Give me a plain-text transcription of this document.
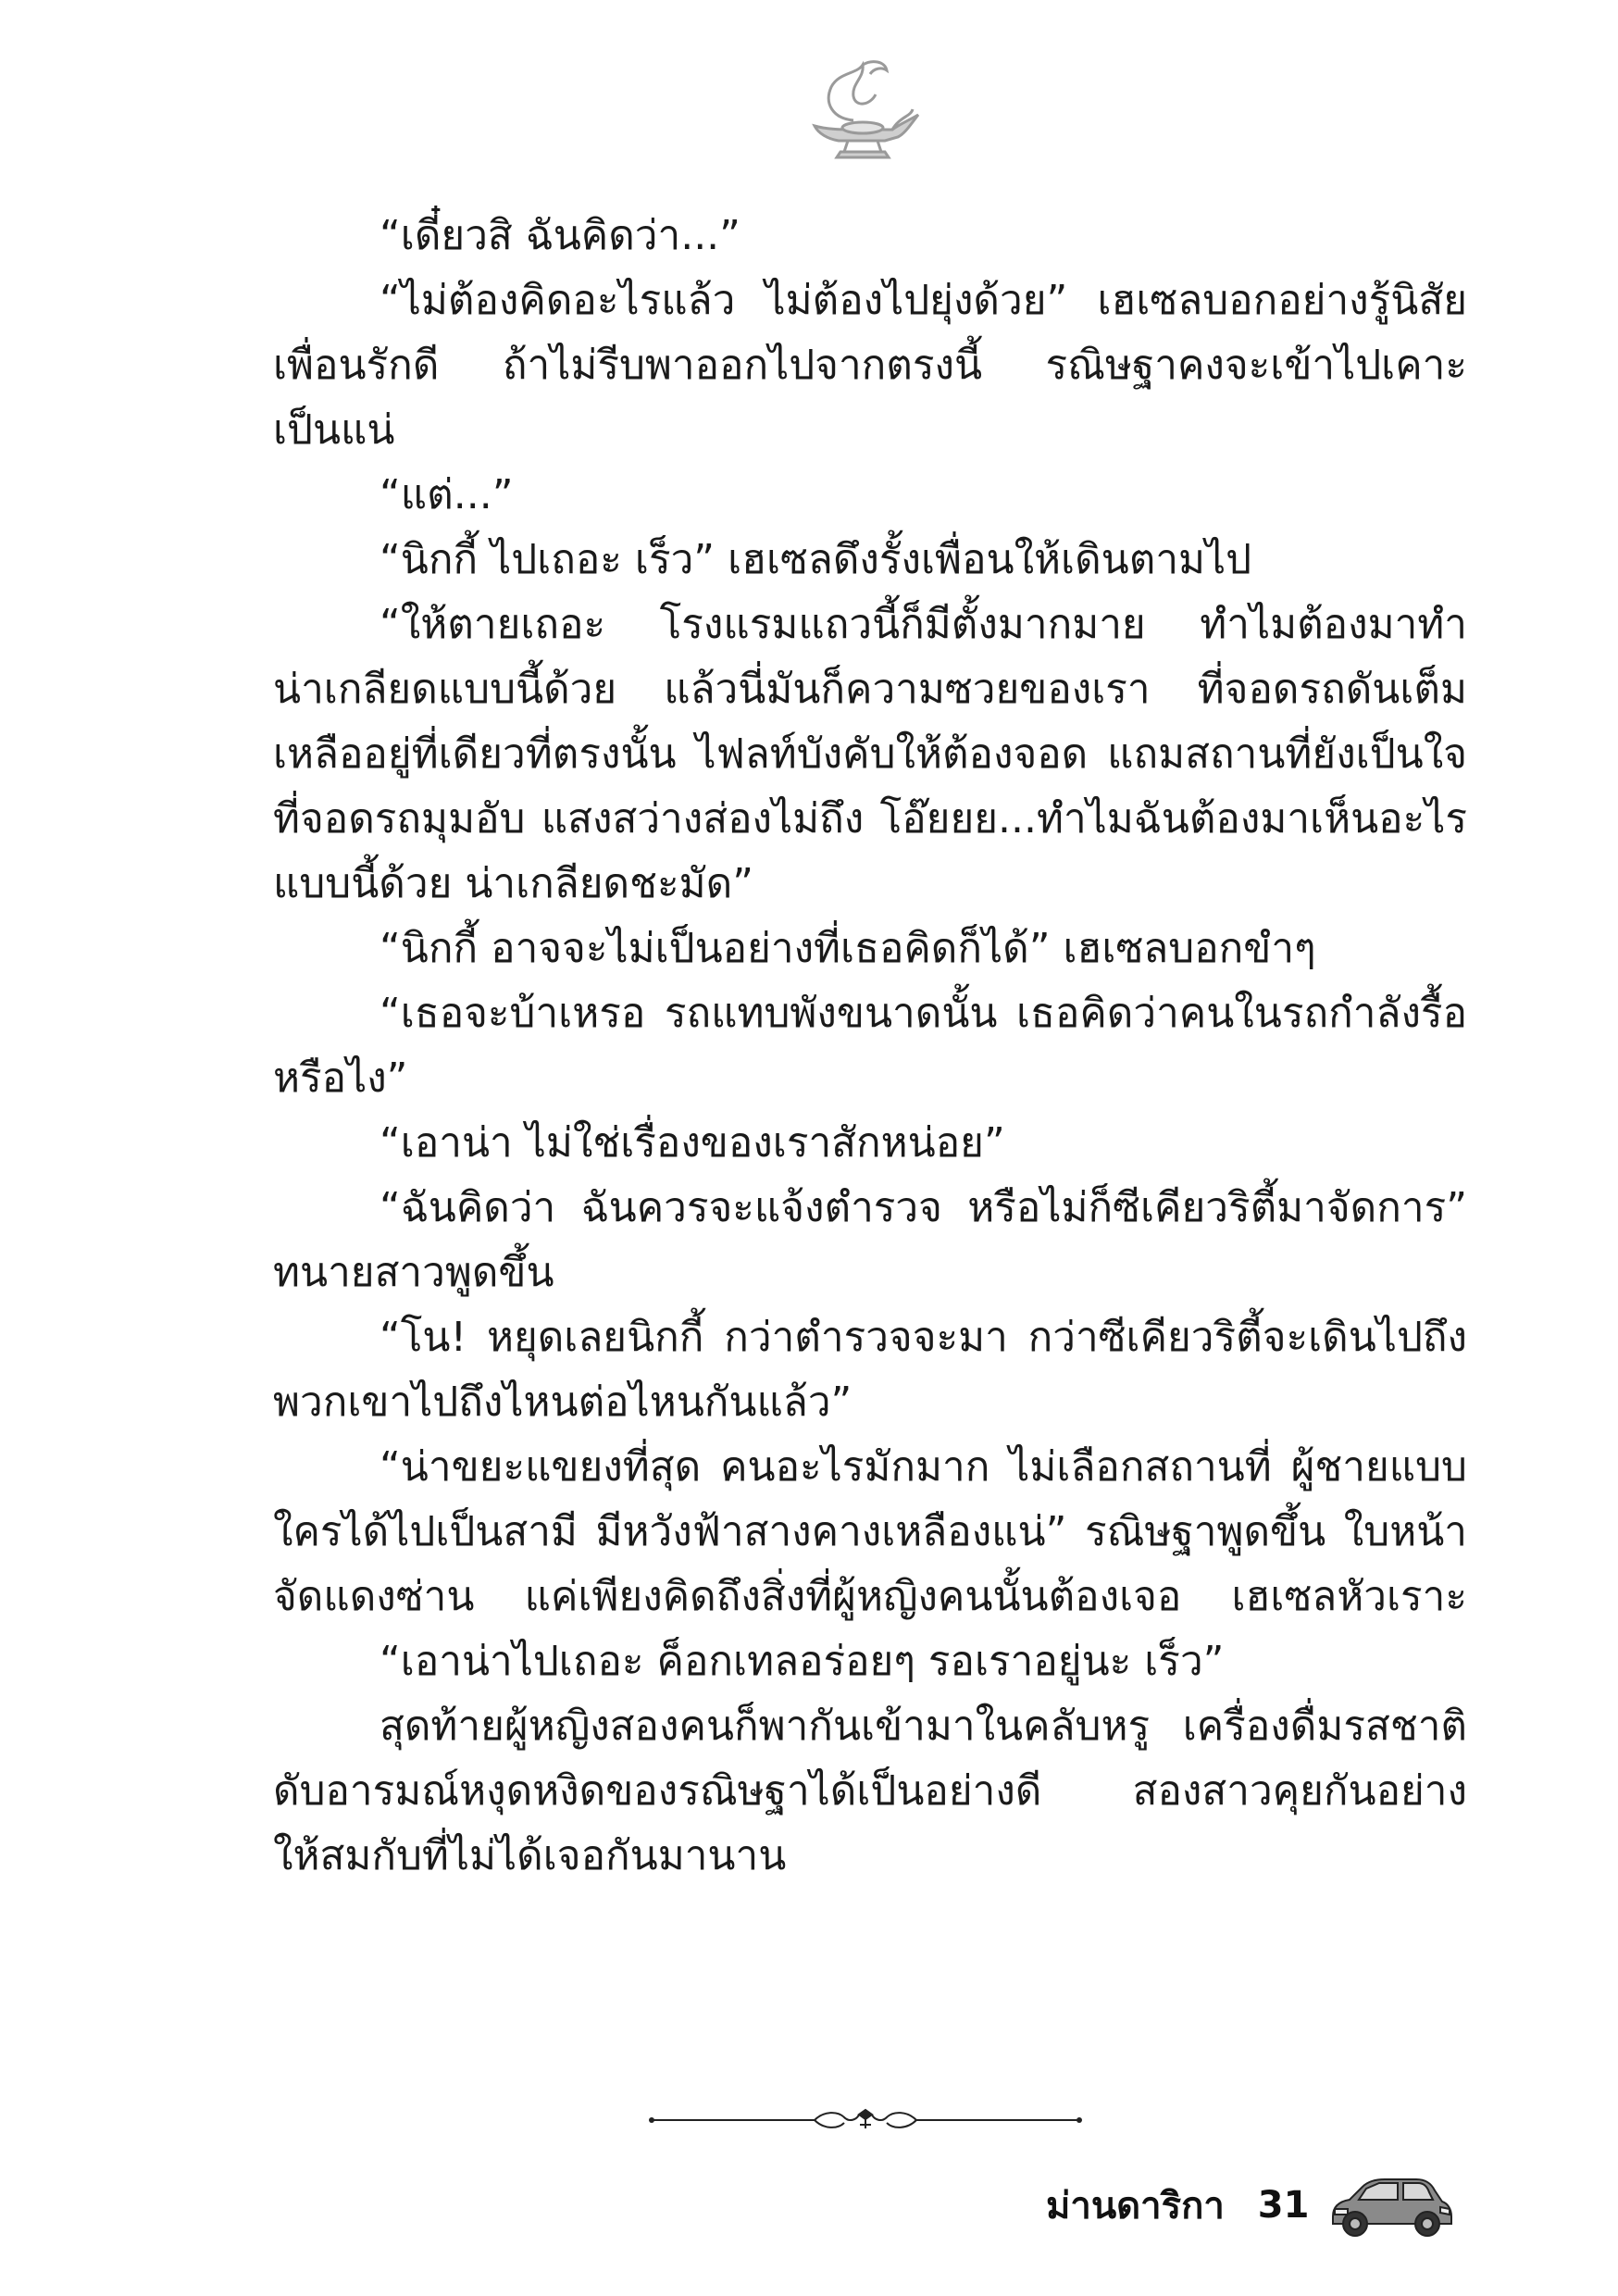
“เดี๋ยวสิ ฉันคิดว่า...”
“ไม่ต้องคิดอะไรแล้ว ไม่ต้องไปยุ่งด้วย” เฮเซลบอกอย่างรู้นิสัย
เพื่อนรักดี ถ้าไม่รีบพาออกไปจากตรงนี้ รณิษฐาคงจะเข้าไปเคาะ
เป็นแน่
“แต่...”
“นิกกี้ ไปเถอะ เร็ว” เฮเซลดึงรั้งเพื่อนให้เดินตามไป
“ให้ตายเถอะ โรงแรมแถวนี้ก็มีตั้งมากมาย ทำไมต้องมาทำ
น่าเกลียดแบบนี้ด้วย แล้วนี่มันก็ความซวยของเรา ที่จอดรถดันเต็ม
เหลืออยู่ที่เดียวที่ตรงนั้น ไฟลท์บังคับให้ต้องจอด แถมสถานที่ยังเป็นใจ
ที่จอดรถมุมอับ แสงสว่างส่องไม่ถึง โอ๊ยยย...ทำไมฉันต้องมาเห็นอะไร
แบบนี้ด้วย น่าเกลียดชะมัด”
“นิกกี้ อาจจะไม่เป็นอย่างที่เธอคิดก็ได้” เฮเซลบอกขำๆ
“เธอจะบ้าเหรอ รถแทบพังขนาดนั้น เธอคิดว่าคนในรถกำลังรื้อ
หรือไง”
“เอาน่า ไม่ใช่เรื่องของเราสักหน่อย”
“ฉันคิดว่า ฉันควรจะแจ้งตำรวจ หรือไม่ก็ซีเคียวริตี้มาจัดการ”
ทนายสาวพูดขึ้น
“โน! หยุดเลยนิกกี้ กว่าตำรวจจะมา กว่าซีเคียวริตี้จะเดินไปถึง
พวกเขาไปถึงไหนต่อไหนกันแล้ว”
“น่าขยะแขยงที่สุด คนอะไรมักมาก ไม่เลือกสถานที่ ผู้ชายแบบ
ใครได้ไปเป็นสามี มีหวังฟ้าสางคางเหลืองแน่” รณิษฐาพูดขึ้น ใบหน้า
จัดแดงซ่าน แค่เพียงคิดถึงสิ่งที่ผู้หญิงคนนั้นต้องเจอ เฮเซลหัวเราะ
“เอาน่าไปเถอะ ค็อกเทลอร่อยๆ รอเราอยู่นะ เร็ว”
สุดท้ายผู้หญิงสองคนก็พากันเข้ามาในคลับหรู เครื่องดื่มรสชาติ
ดับอารมณ์หงุดหงิดของรณิษฐาได้เป็นอย่างดี สองสาวคุยกันอย่าง
ให้สมกับที่ไม่ได้เจอกันมานาน
ม่านดาริกา 31
